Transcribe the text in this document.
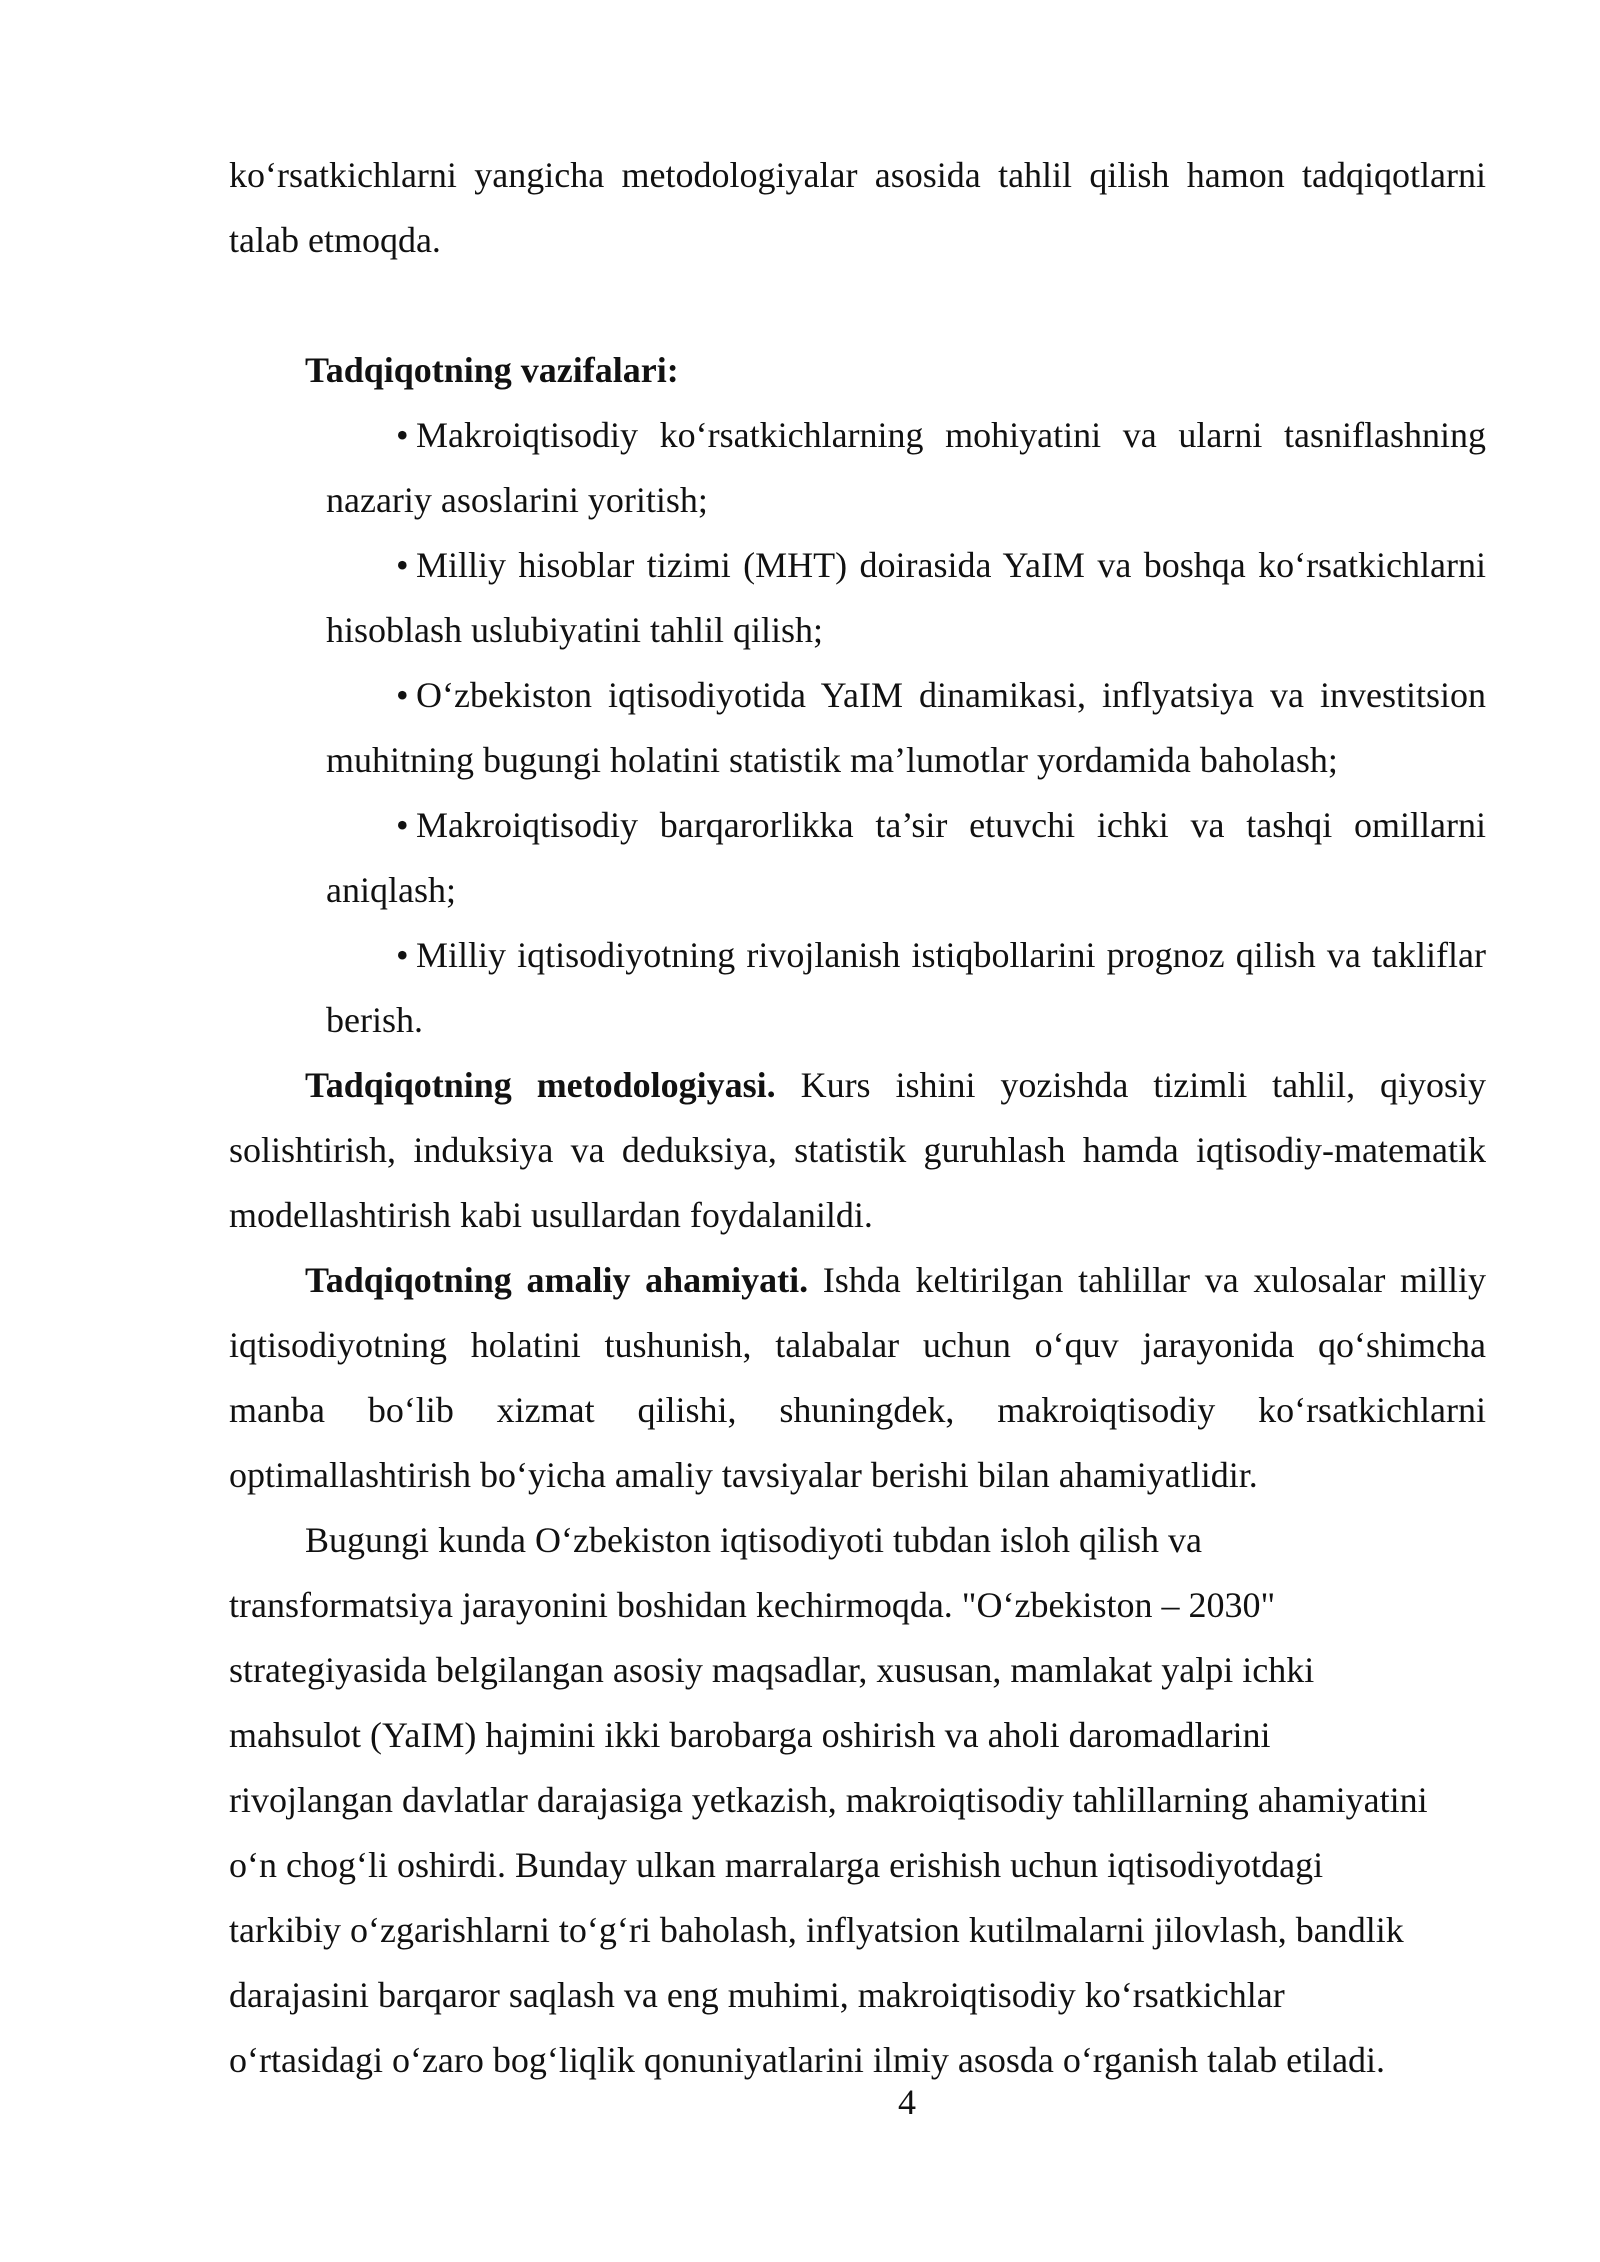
ko‘rsatkichlarni yangicha metodologiyalar asosida tahlil qilish hamon tadqiqotlarni talab etmoqda.
Tadqiqotning vazifalari:
• Makroiqtisodiy ko‘rsatkichlarning mohiyatini va ularni tasniflashning nazariy asoslarini yoritish;
• Milliy hisoblar tizimi (MHT) doirasida YaIM va boshqa ko‘rsatkichlarni hisoblash uslubiyatini tahlil qilish;
• O‘zbekiston iqtisodiyotida YaIM dinamikasi, inflyatsiya va investitsion muhitning bugungi holatini statistik ma’lumotlar yordamida baholash;
• Makroiqtisodiy barqarorlikka ta’sir etuvchi ichki va tashqi omillarni aniqlash;
• Milliy iqtisodiyotning rivojlanish istiqbollarini prognoz qilish va takliflar berish.
Tadqiqotning metodologiyasi. Kurs ishini yozishda tizimli tahlil, qiyosiy solishtirish, induksiya va deduksiya, statistik guruhlash hamda iqtisodiy-matematik modellashtirish kabi usullardan foydalanildi.
Tadqiqotning amaliy ahamiyati. Ishda keltirilgan tahlillar va xulosalar milliy iqtisodiyotning holatini tushunish, talabalar uchun o‘quv jarayonida qo‘shimcha manba bo‘lib xizmat qilishi, shuningdek, makroiqtisodiy ko‘rsatkichlarni optimallashtirish bo‘yicha amaliy tavsiyalar berishi bilan ahamiyatlidir.
Bugungi kunda O‘zbekiston iqtisodiyoti tubdan isloh qilish va
transformatsiya jarayonini boshidan kechirmoqda. "O‘zbekiston – 2030"
strategiyasida belgilangan asosiy maqsadlar, xususan, mamlakat yalpi ichki
mahsulot (YaIM) hajmini ikki barobarga oshirish va aholi daromadlarini
rivojlangan davlatlar darajasiga yetkazish, makroiqtisodiy tahlillarning ahamiyatini
o‘n chog‘li oshirdi. Bunday ulkan marralarga erishish uchun iqtisodiyotdagi
tarkibiy o‘zgarishlarni to‘g‘ri baholash, inflyatsion kutilmalarni jilovlash, bandlik
darajasini barqaror saqlash va eng muhimi, makroiqtisodiy ko‘rsatkichlar
o‘rtasidagi o‘zaro bog‘liqlik qonuniyatlarini ilmiy asosda o‘rganish talab etiladi.
4
